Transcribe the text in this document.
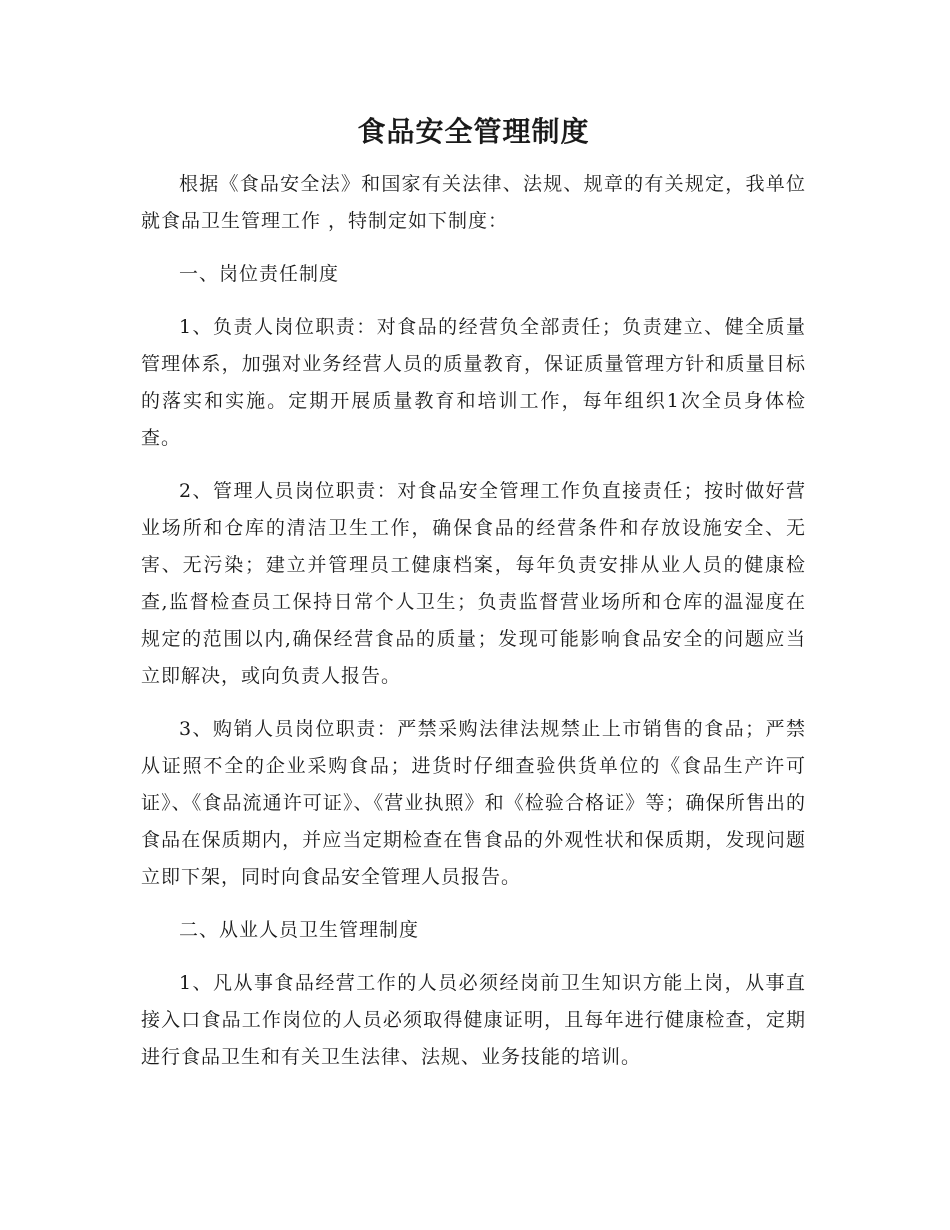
食品安全管理制度

根据《食品安全法》和国家有关法律、法规、规章的有关规定，我单位就食品卫生管理工作 ，特制定如下制度：

一、岗位责任制度

1、负责人岗位职责：对食品的经营负全部责任；负责建立、健全质量管理体系，加强对业务经营人员的质量教育，保证质量管理方针和质量目标的落实和实施。定期开展质量教育和培训工作，每年组织1次全员身体检查。

2、管理人员岗位职责：对食品安全管理工作负直接责任；按时做好营业场所和仓库的清洁卫生工作，确保食品的经营条件和存放设施安全、无害、无污染；建立并管理员工健康档案，每年负责安排从业人员的健康检查,监督检查员工保持日常个人卫生；负责监督营业场所和仓库的温湿度在规定的范围以内,确保经营食品的质量；发现可能影响食品安全的问题应当立即解决，或向负责人报告。

3、购销人员岗位职责：严禁采购法律法规禁止上市销售的食品；严禁从证照不全的企业采购食品；进货时仔细查验供货单位的《食品生产许可证》、《食品流通许可证》、《营业执照》和《检验合格证》等；确保所售出的食品在保质期内，并应当定期检查在售食品的外观性状和保质期，发现问题立即下架，同时向食品安全管理人员报告。

二、从业人员卫生管理制度

1、凡从事食品经营工作的人员必须经岗前卫生知识方能上岗，从事直接入口食品工作岗位的人员必须取得健康证明，且每年进行健康检查，定期进行食品卫生和有关卫生法律、法规、业务技能的培训。
